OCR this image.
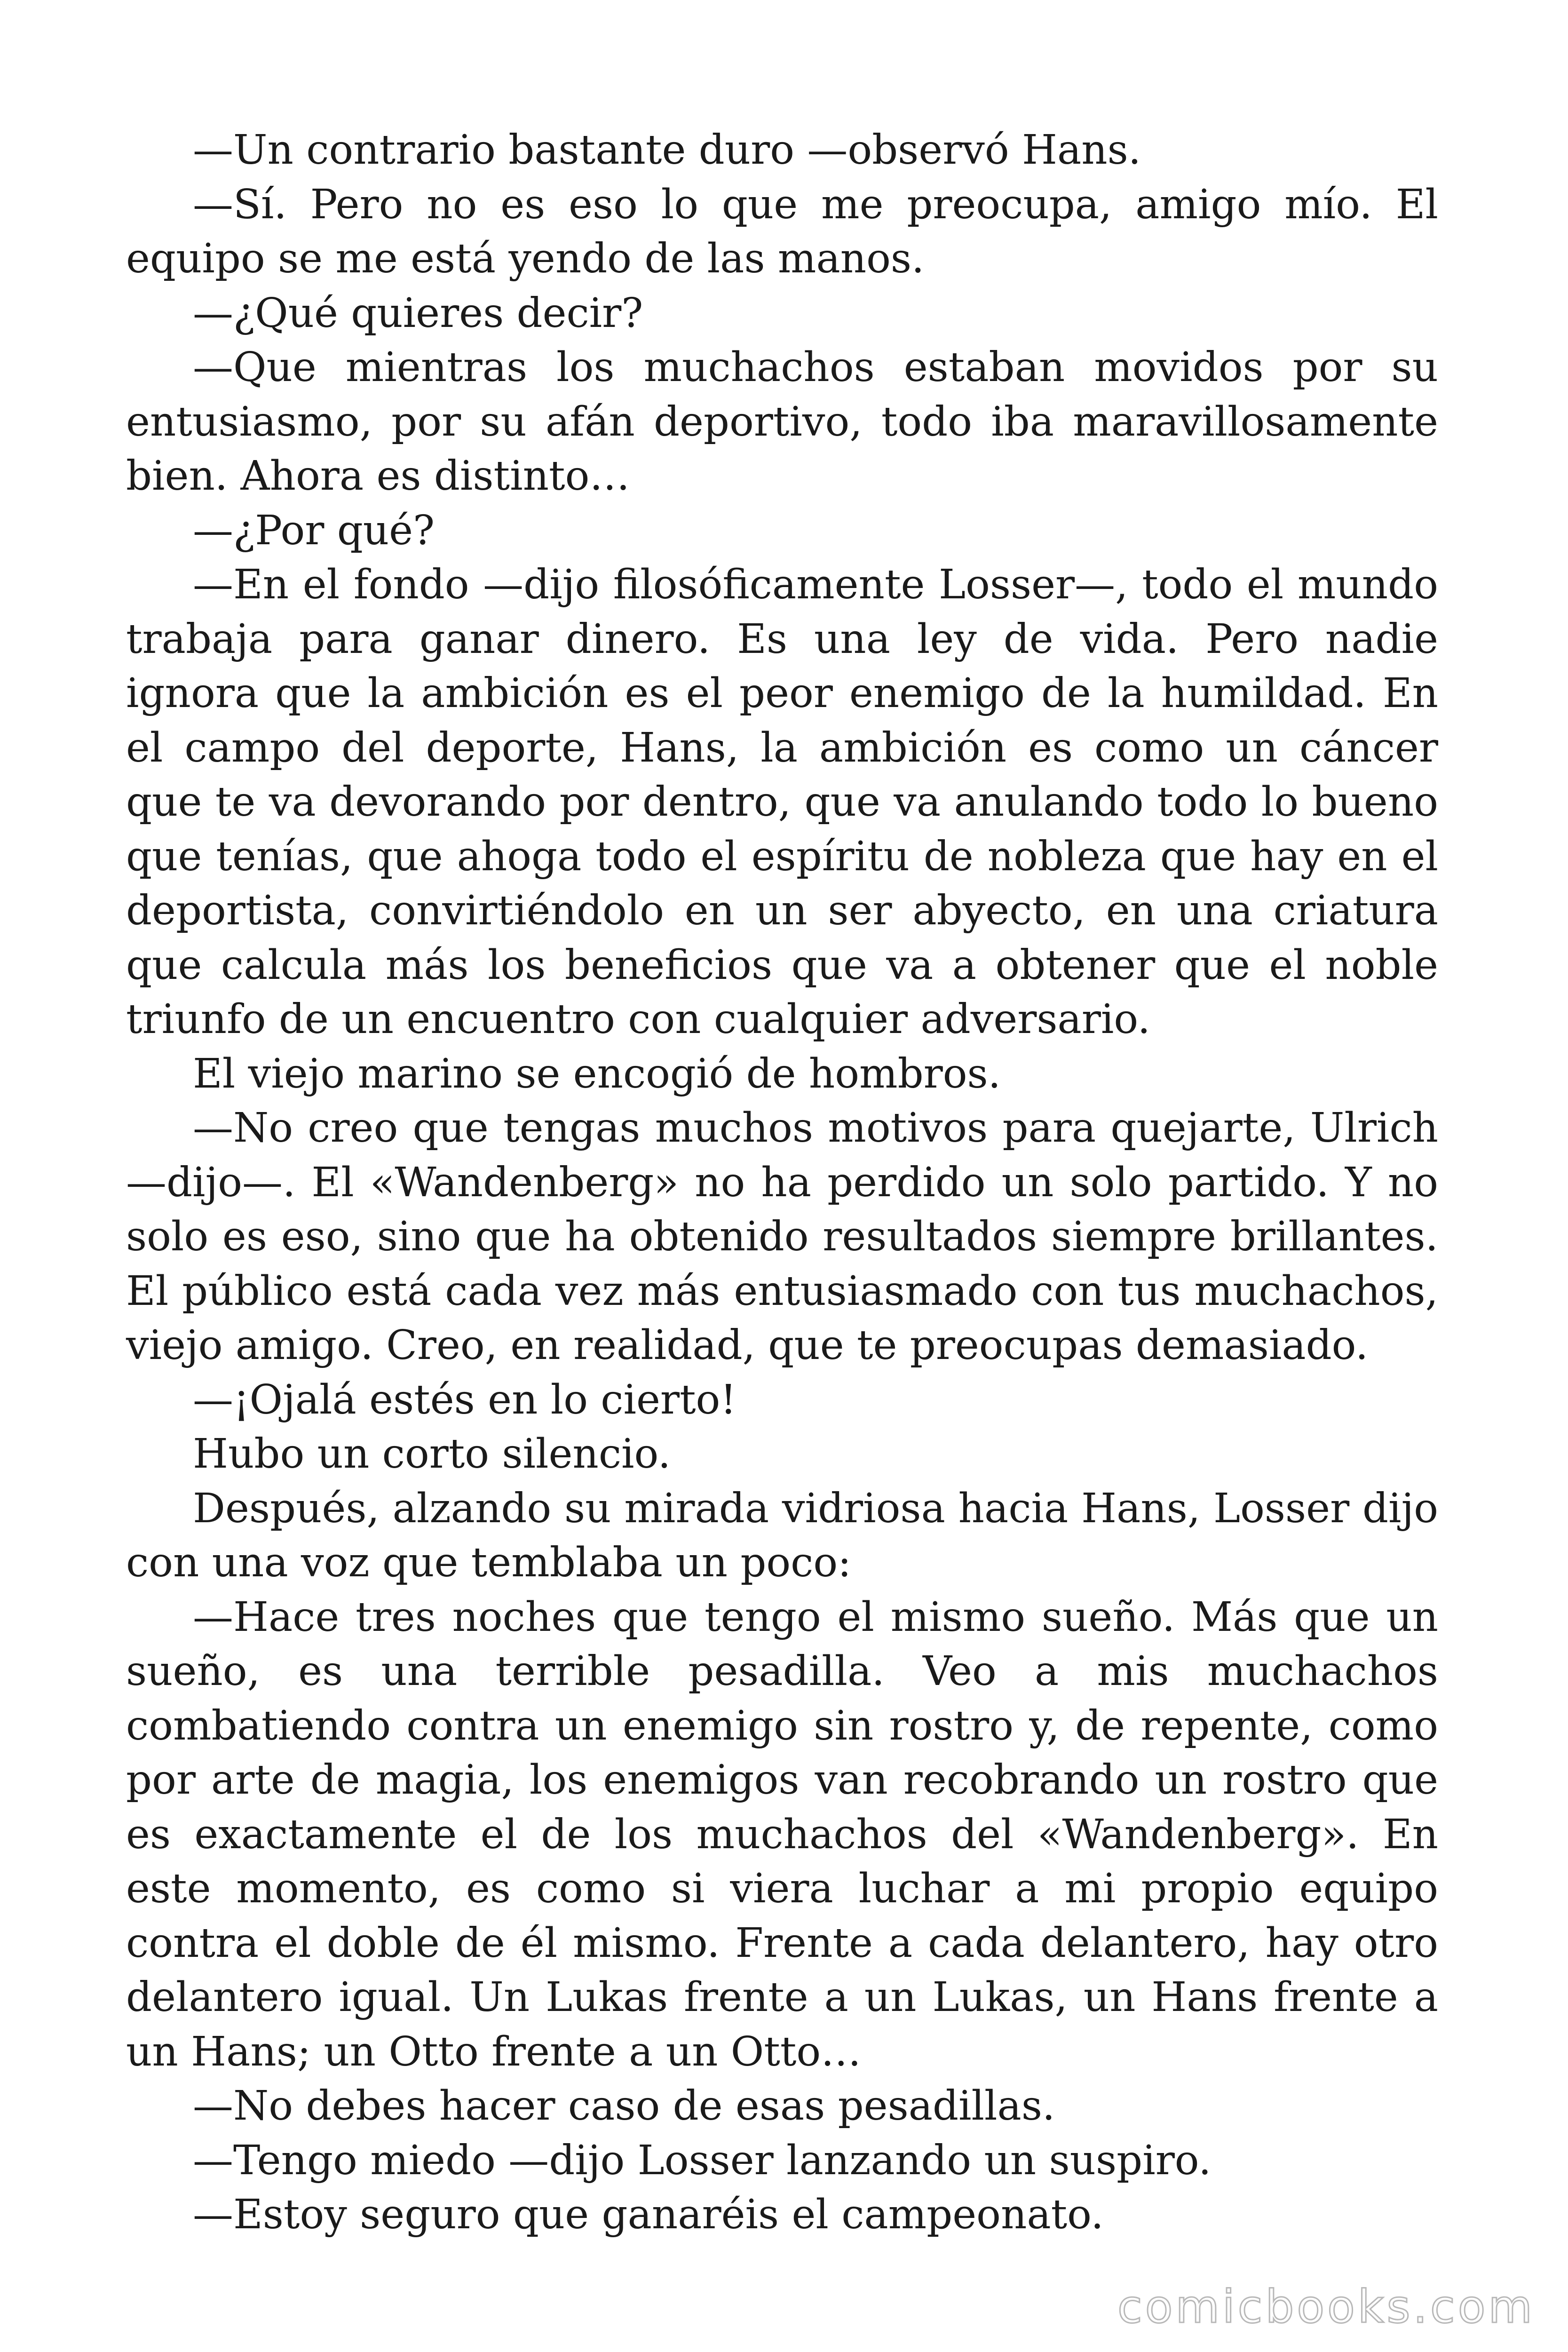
—Un contrario bastante duro —observó Hans.

—Sí. Pero no es eso lo que me preocupa, amigo mío. El equipo se me está yendo de las manos.

—¿Qué quieres decir?

—Que mientras los muchachos estaban movidos por su entusiasmo, por su afán deportivo, todo iba maravillosamente bien. Ahora es distinto…

—¿Por qué?

—En el fondo —dijo filosóficamente Losser—, todo el mundo trabaja para ganar dinero. Es una ley de vida. Pero nadie ignora que la ambición es el peor enemigo de la humildad. En el campo del deporte, Hans, la ambición es como un cáncer que te va devorando por dentro, que va anulando todo lo bueno que tenías, que ahoga todo el espíritu de nobleza que hay en el deportista, convirtiéndolo en un ser abyecto, en una criatura que calcula más los beneficios que va a obtener que el noble triunfo de un encuentro con cualquier adversario.

El viejo marino se encogió de hombros.

—No creo que tengas muchos motivos para quejarte, Ulrich —dijo—. El «Wandenberg» no ha perdido un solo partido. Y no solo es eso, sino que ha obtenido resultados siempre brillantes. El público está cada vez más entusiasmado con tus muchachos, viejo amigo. Creo, en realidad, que te preocupas demasiado.

—¡Ojalá estés en lo cierto!

Hubo un corto silencio.

Después, alzando su mirada vidriosa hacia Hans, Losser dijo con una voz que temblaba un poco:

—Hace tres noches que tengo el mismo sueño. Más que un sueño, es una terrible pesadilla. Veo a mis muchachos combatiendo contra un enemigo sin rostro y, de repente, como por arte de magia, los enemigos van recobrando un rostro que es exactamente el de los muchachos del «Wandenberg». En este momento, es como si viera luchar a mi propio equipo contra el doble de él mismo. Frente a cada delantero, hay otro delantero igual. Un Lukas frente a un Lukas, un Hans frente a un Hans; un Otto frente a un Otto…

—No debes hacer caso de esas pesadillas.

—Tengo miedo —dijo Losser lanzando un suspiro.

—Estoy seguro que ganaréis el campeonato.

comicbooks.com
